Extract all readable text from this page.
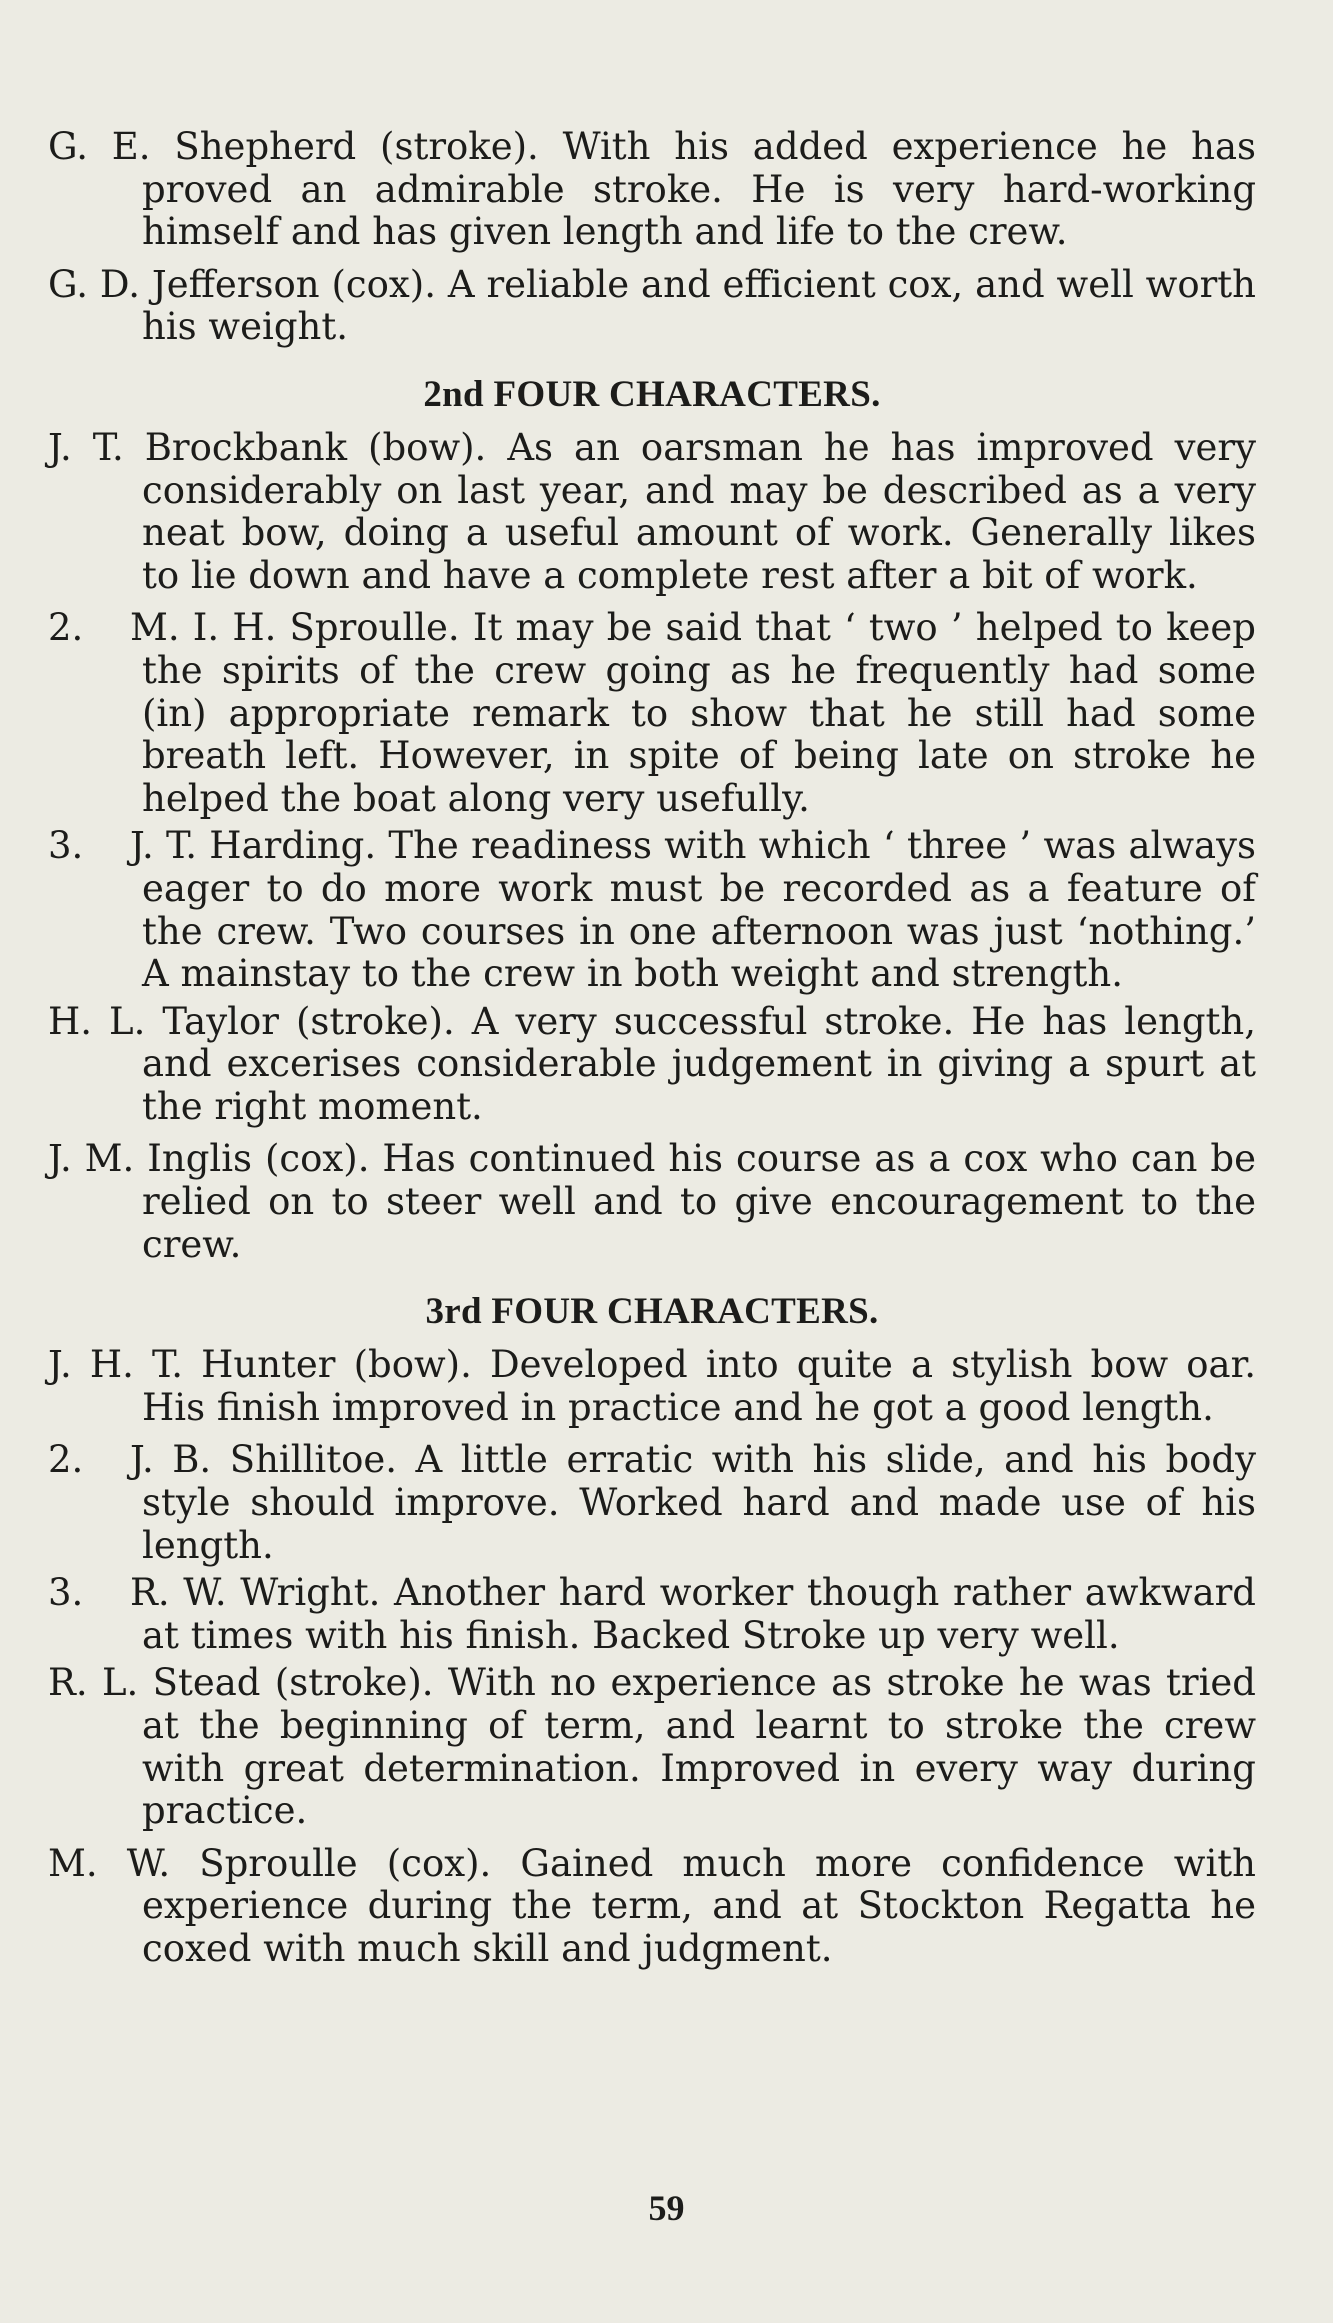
G. E. Shepherd (stroke). With his added experience he has proved an admirable stroke. He is very hard-working himself and has given length and life to the crew.

G. D. Jefferson (cox). A reliable and efficient cox, and well worth his weight.

2nd FOUR CHARACTERS.

J. T. Brockbank (bow). As an oarsman he has improved very considerably on last year, and may be described as a very neat bow, doing a useful amount of work. Generally likes to lie down and have a complete rest after a bit of work.

2. M. I. H. Sproulle. It may be said that ‘ two ’ helped to keep the spirits of the crew going as he frequently had some (in) appropriate remark to show that he still had some breath left. However, in spite of being late on stroke he helped the boat along very usefully.

3. J. T. Harding. The readiness with which ‘ three ’ was always eager to do more work must be recorded as a feature of the crew. Two courses in one afternoon was just ‘nothing.’ A mainstay to the crew in both weight and strength.

H. L. Taylor (stroke). A very successful stroke. He has length, and excerises considerable judgement in giving a spurt at the right moment.

J. M. Inglis (cox). Has continued his course as a cox who can be relied on to steer well and to give encouragement to the crew.

3rd FOUR CHARACTERS.

J. H. T. Hunter (bow). Developed into quite a stylish bow oar. His finish improved in practice and he got a good length.

2. J. B. Shillitoe. A little erratic with his slide, and his body style should improve. Worked hard and made use of his length.

3. R. W. Wright. Another hard worker though rather awkward at times with his finish. Backed Stroke up very well.

R. L. Stead (stroke). With no experience as stroke he was tried at the beginning of term, and learnt to stroke the crew with great determination. Improved in every way during practice.

M. W. Sproulle (cox). Gained much more confidence with experience during the term, and at Stockton Regatta he coxed with much skill and judgment.

59
